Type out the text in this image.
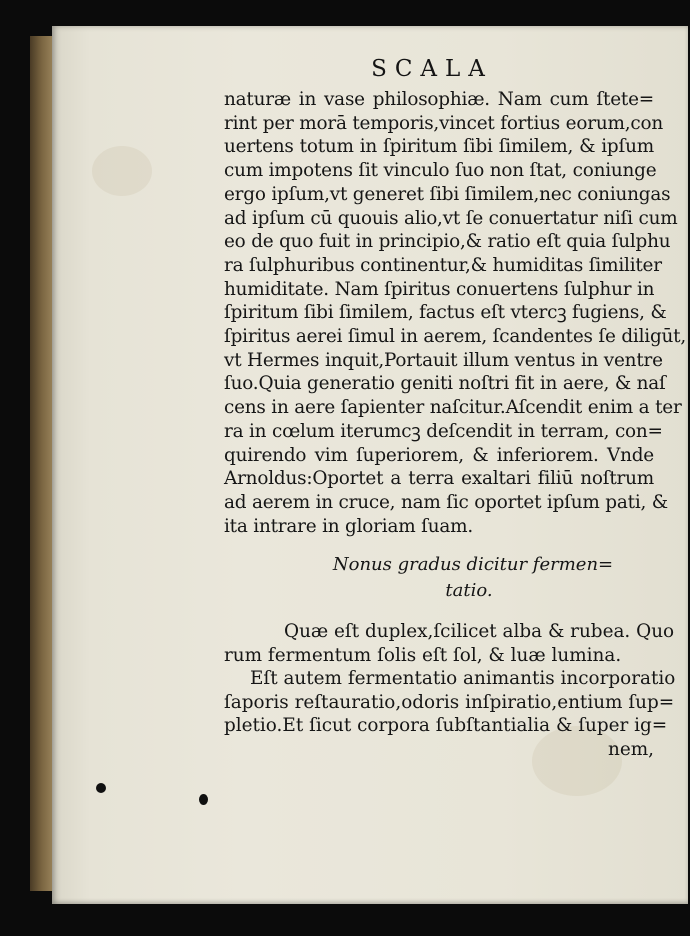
SCALA
naturæ in vase philosophiæ. Nam cum ſtete=
rint per morā temporis,vincet fortius eorum,con
uertens totum in ſpiritum ſibi ſimilem, & ipſum
cum impotens ſit vinculo ſuo non ſtat, coniunge
ergo ipſum,vt generet ſibi ſimilem,nec coniungas
ad ipſum cū quouis alio,vt ſe conuertatur niſi cum
eo de quo fuit in principio,& ratio eſt quia ſulphu
ra ſulphuribus continentur,& humiditas ſimiliter
humiditate. Nam ſpiritus conuertens ſulphur in
ſpiritum ſibi ſimilem, factus eſt vtercꝫ fugiens, &
ſpiritus aerei ſimul in aerem, ſcandentes ſe diligūt,
vt Hermes inquit,Portauit illum ventus in ventre
ſuo.Quia generatio geniti noſtri fit in aere, & naſ
cens in aere ſapienter naſcitur.Aſcendit enim a ter
ra in cœlum iterumcꝫ deſcendit in terram, con=
quirendo vim ſuperiorem, & inferiorem. Vnde
Arnoldus:Oportet a terra exaltari filiū noſtrum
ad aerem in cruce, nam ſic oportet ipſum pati, &
ita intrare in gloriam ſuam.
Nonus gradus dicitur fermen=
tatio.
Quæ eſt duplex,ſcilicet alba & rubea. Quo
rum fermentum ſolis eſt ſol, & luæ lumina.
Eſt autem fermentatio animantis incorporatio
ſaporis reſtauratio,odoris inſpiratio,entium ſup=
pletio.Et ſicut corpora ſubſtantialia & ſuper ig=
nem,
